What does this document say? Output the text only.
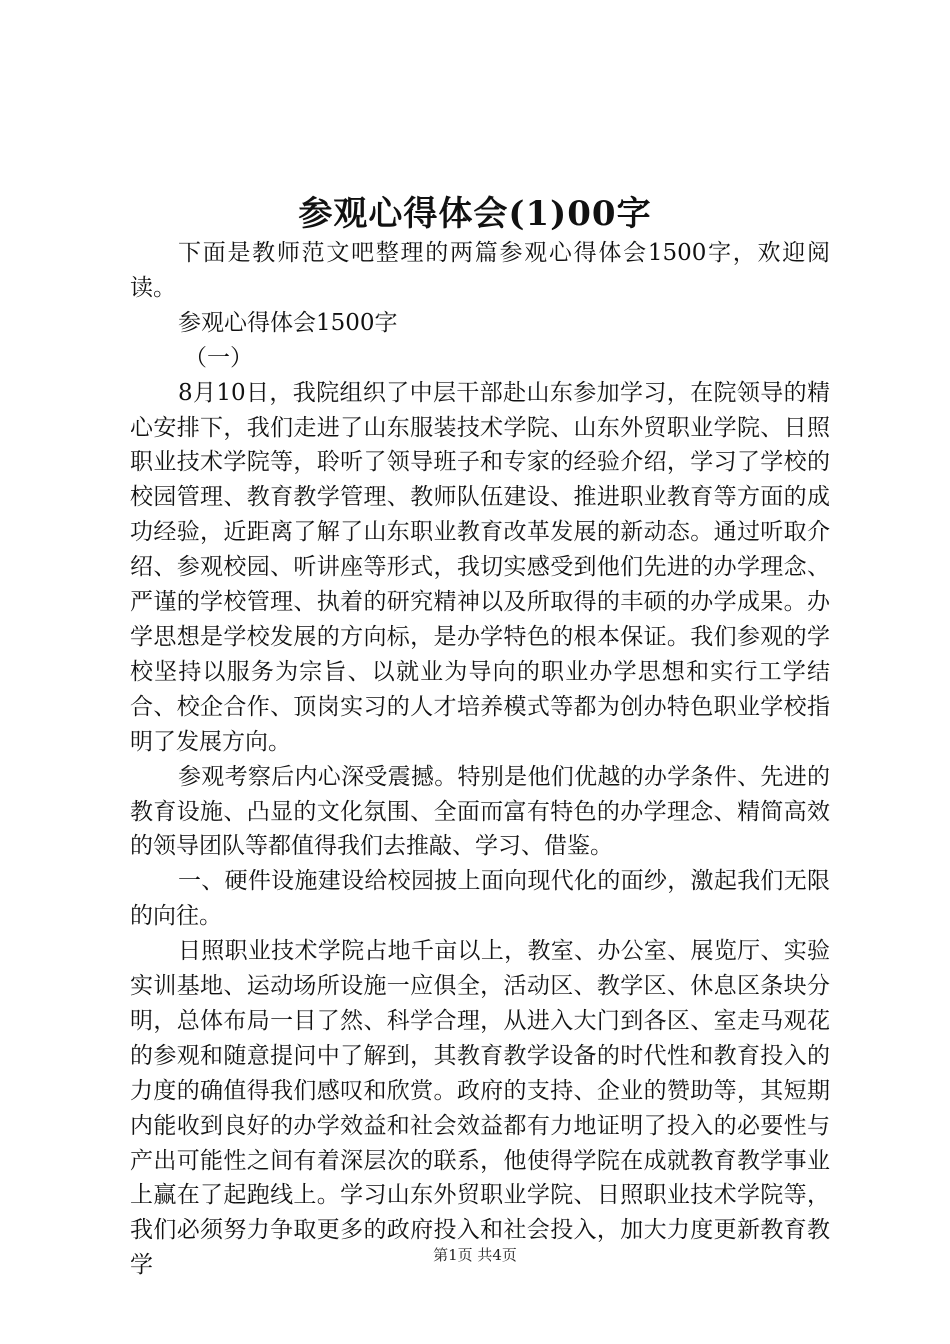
参观心得体会(1)00字

下面是教师范文吧整理的两篇参观心得体会1500字，欢迎阅读。

参观心得体会1500字

（一）

8月10日，我院组织了中层干部赴山东参加学习，在院领导的精心安排下，我们走进了山东服装技术学院、山东外贸职业学院、日照职业技术学院等，聆听了领导班子和专家的经验介绍，学习了学校的校园管理、教育教学管理、教师队伍建设、推进职业教育等方面的成功经验，近距离了解了山东职业教育改革发展的新动态。通过听取介绍、参观校园、听讲座等形式，我切实感受到他们先进的办学理念、严谨的学校管理、执着的研究精神以及所取得的丰硕的办学成果。办学思想是学校发展的方向标，是办学特色的根本保证。我们参观的学校坚持以服务为宗旨、以就业为导向的职业办学思想和实行工学结合、校企合作、顶岗实习的人才培养模式等都为创办特色职业学校指明了发展方向。

参观考察后内心深受震撼。特别是他们优越的办学条件、先进的教育设施、凸显的文化氛围、全面而富有特色的办学理念、精简高效的领导团队等都值得我们去推敲、学习、借鉴。

一、硬件设施建设给校园披上面向现代化的面纱，激起我们无限的向往。

日照职业技术学院占地千亩以上，教室、办公室、展览厅、实验实训基地、运动场所设施一应俱全，活动区、教学区、休息区条块分明，总体布局一目了然、科学合理，从进入大门到各区、室走马观花的参观和随意提问中了解到，其教育教学设备的时代性和教育投入的力度的确值得我们感叹和欣赏。政府的支持、企业的赞助等，其短期内能收到良好的办学效益和社会效益都有力地证明了投入的必要性与产出可能性之间有着深层次的联系，他使得学院在成就教育教学事业上赢在了起跑线上。学习山东外贸职业学院、日照职业技术学院等，我们必须努力争取更多的政府投入和社会投入，加大力度更新教育教学	第1页 共4页
